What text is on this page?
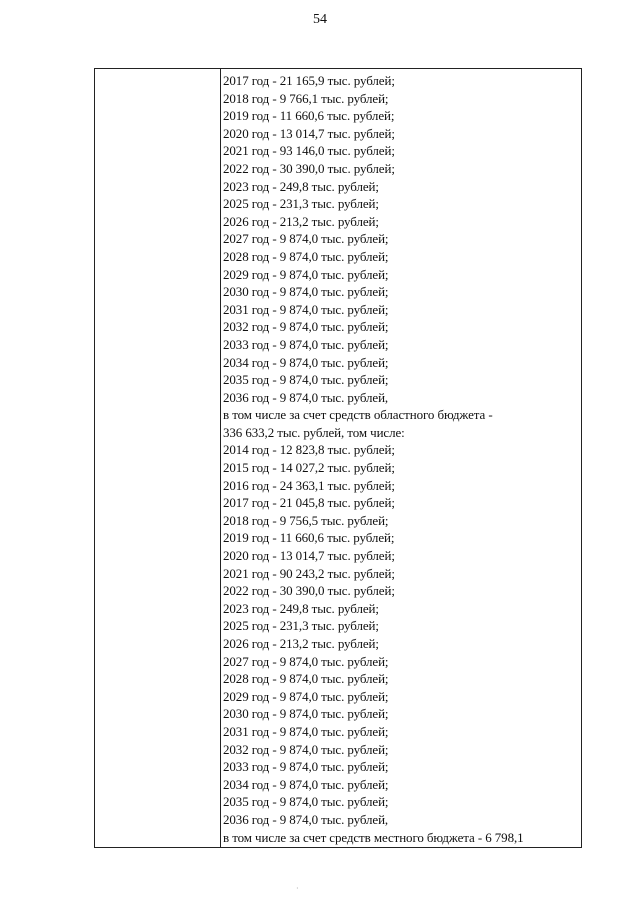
54
2017 год - 21 165,9 тыс. рублей;
2018 год - 9 766,1 тыс. рублей;
2019 год - 11 660,6 тыс. рублей;
2020 год - 13 014,7 тыс. рублей;
2021 год - 93 146,0 тыс. рублей;
2022 год - 30 390,0 тыс. рублей;
2023 год - 249,8 тыс. рублей;
2025 год - 231,3 тыс. рублей;
2026 год - 213,2 тыс. рублей;
2027 год - 9 874,0 тыс. рублей;
2028 год - 9 874,0 тыс. рублей;
2029 год - 9 874,0 тыс. рублей;
2030 год - 9 874,0 тыс. рублей;
2031 год - 9 874,0 тыс. рублей;
2032 год - 9 874,0 тыс. рублей;
2033 год - 9 874,0 тыс. рублей;
2034 год - 9 874,0 тыс. рублей;
2035 год - 9 874,0 тыс. рублей;
2036 год - 9 874,0 тыс. рублей,
в том числе за счет средств областного бюджета -
336 633,2 тыс. рублей, том числе:
2014 год - 12 823,8 тыс. рублей;
2015 год - 14 027,2 тыс. рублей;
2016 год - 24 363,1 тыс. рублей;
2017 год - 21 045,8 тыс. рублей;
2018 год - 9 756,5 тыс. рублей;
2019 год - 11 660,6 тыс. рублей;
2020 год - 13 014,7 тыс. рублей;
2021 год - 90 243,2 тыс. рублей;
2022 год - 30 390,0 тыс. рублей;
2023 год - 249,8 тыс. рублей;
2025 год - 231,3 тыс. рублей;
2026 год - 213,2 тыс. рублей;
2027 год - 9 874,0 тыс. рублей;
2028 год - 9 874,0 тыс. рублей;
2029 год - 9 874,0 тыс. рублей;
2030 год - 9 874,0 тыс. рублей;
2031 год - 9 874,0 тыс. рублей;
2032 год - 9 874,0 тыс. рублей;
2033 год - 9 874,0 тыс. рублей;
2034 год - 9 874,0 тыс. рублей;
2035 год - 9 874,0 тыс. рублей;
2036 год - 9 874,0 тыс. рублей,
в том числе за счет средств местного бюджета - 6 798,1
·
